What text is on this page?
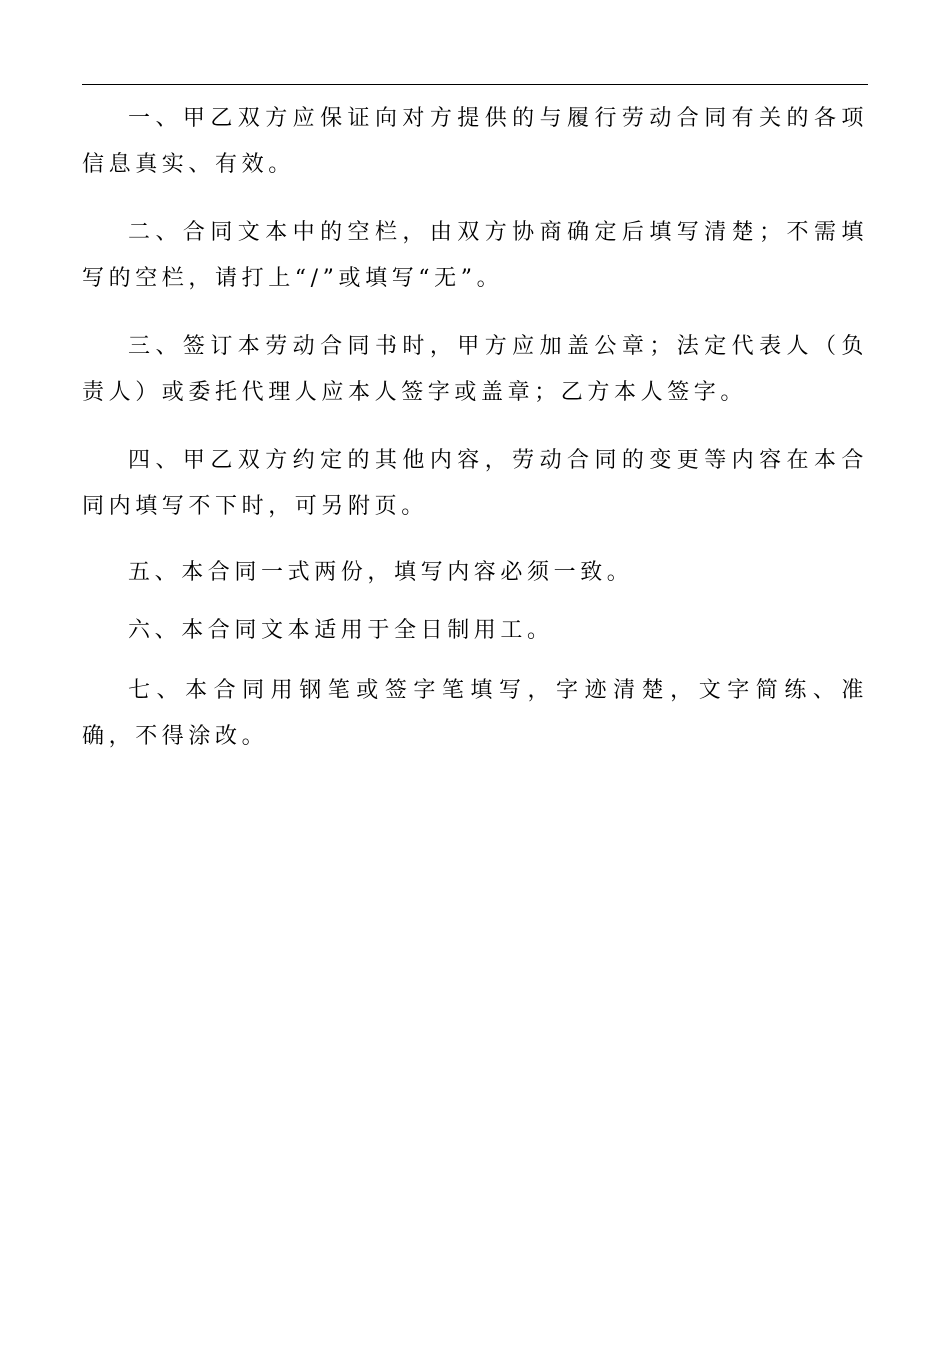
一、甲乙双方应保证向对方提供的与履行劳动合同有关的各项信息真实、有效。

二、合同文本中的空栏，由双方协商确定后填写清楚；不需填写的空栏，请打上“/”或填写“无”。

三、签订本劳动合同书时，甲方应加盖公章；法定代表人（负责人）或委托代理人应本人签字或盖章；乙方本人签字。

四、甲乙双方约定的其他内容，劳动合同的变更等内容在本合同内填写不下时，可另附页。

五、本合同一式两份，填写内容必须一致。

六、本合同文本适用于全日制用工。

七、本合同用钢笔或签字笔填写，字迹清楚，文字简练、准确，不得涂改。
